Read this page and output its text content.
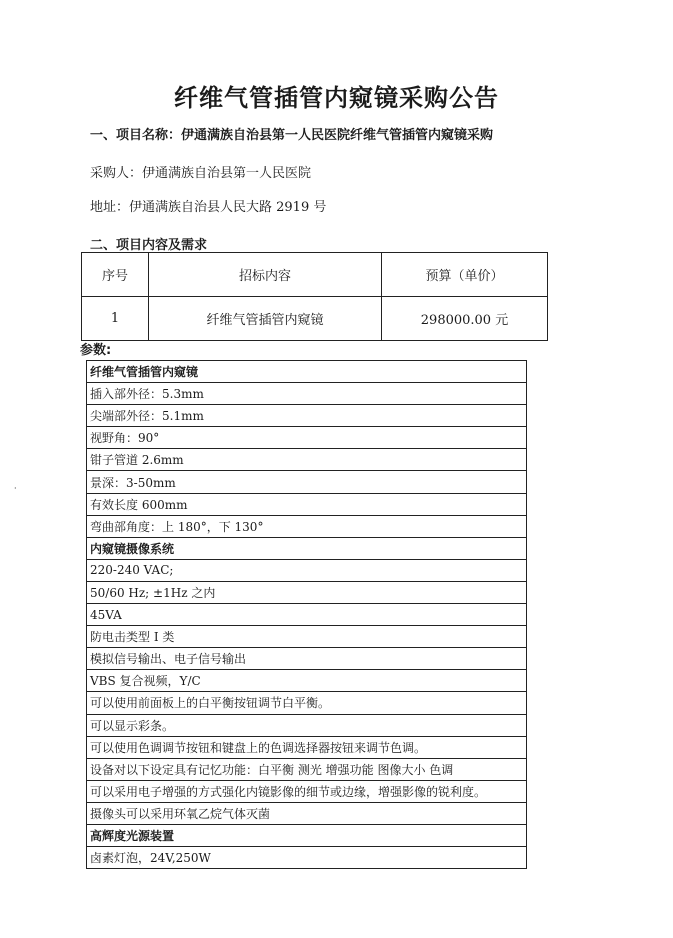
纤维气管插管内窥镜采购公告
一、项目名称：伊通满族自治县第一人民医院纤维气管插管内窥镜采购
采购人：伊通满族自治县第一人民医院
地址：伊通满族自治县人民大路 2919 号
二、项目内容及需求
序号	招标内容	预算（单价）
1	纤维气管插管内窥镜	298000.00 元
参数:
纤维气管插管内窥镜
插入部外径：5.3mm
尖端部外径：5.1mm
视野角：90°
钳子管道 2.6mm
景深：3-50mm
有效长度 600mm
弯曲部角度：上 180°，下 130°
内窥镜摄像系统
220-240 VAC;
50/60 Hz; ±1Hz 之内
45VA
防电击类型 I 类
模拟信号输出、电子信号输出
VBS 复合视频，Y/C
可以使用前面板上的白平衡按钮调节白平衡。
可以显示彩条。
可以使用色调调节按钮和键盘上的色调选择器按钮来调节色调。
设备对以下设定具有记忆功能：白平衡 测光 增强功能 图像大小 色调
可以采用电子增强的方式强化内镜影像的细节或边缘，增强影像的锐利度。
摄像头可以采用环氧乙烷气体灭菌
高辉度光源装置
卤素灯泡，24V,250W
·
